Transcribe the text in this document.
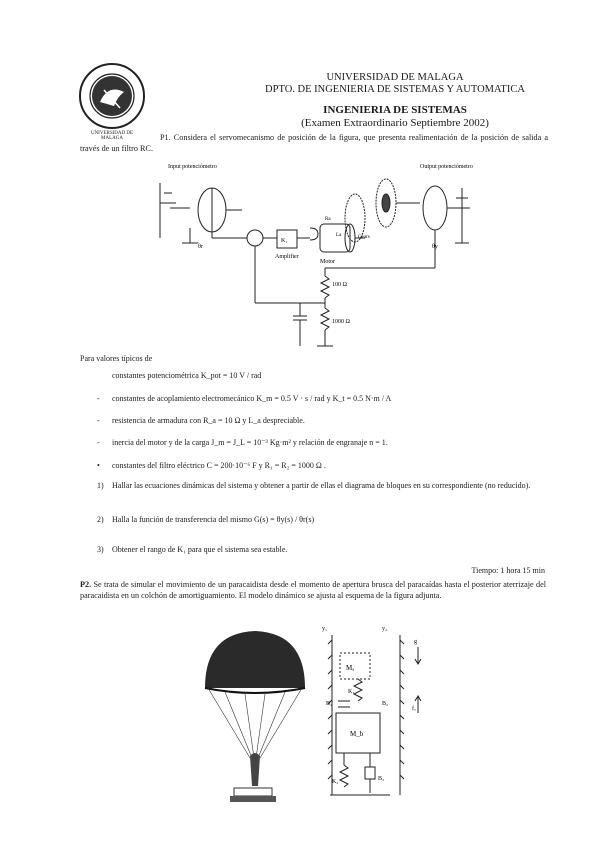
UNIVERSIDAD DE MALAGA
UNIVERSIDAD DE MALAGA
DPTO. DE INGENIERIA DE SISTEMAS Y AUTOMATICA
INGENIERIA DE SISTEMAS
(Examen Extraordinario Septiembre 2002)
P1. Considera el servomecanismo de posición de la figura, que presenta realimentación de la posición de salida a través de un filtro RC.
Input potenciómetro	Output potenciómetro
Amplifier
Motor
Gears
100 Ω
1000 Ω
K₁
θr	θy
Ra
La
Para valores típicos de
constantes potenciométrica K_pot = 10 V / rad
constantes de acoplamiento electromecánico K_m = 0.5 V · s / rad y K_t = 0.5 N·m / A
resistencia de armadura con R_a = 10 Ω y L_a despreciable.
inercia del motor y de la carga J_m = J_L = 10⁻³ Kg·m² y relación de engranaje n = 1.
constantes del filtro eléctrico C = 200·10⁻⁶ F y R₁ = R₂ = 1000 Ω .
-
-
-
•
1) Hallar las ecuaciones dinámicas del sistema y obtener a partir de ellas el diagrama de bloques en su correspondiente (no reducido).
2) Halla la función de transferencia del mismo G(s) = θy(s) / θr(s)
3) Obtener el rango de K₁ para que el sistema sea estable.
Tiempo: 1 hora 15 min
P2. Se trata de simular el movimiento de un paracaidista desde el momento de apertura brusca del paracaídas hasta el posterior aterrizaje del paracaidista en un colchón de amortiguamiento. El modelo dinámico se ajusta al esquema de la figura adjunta.
y₁	y₂
Mₐ
M_b
K₁
K₂
B₁	B₂
B₃
g
fₐ
